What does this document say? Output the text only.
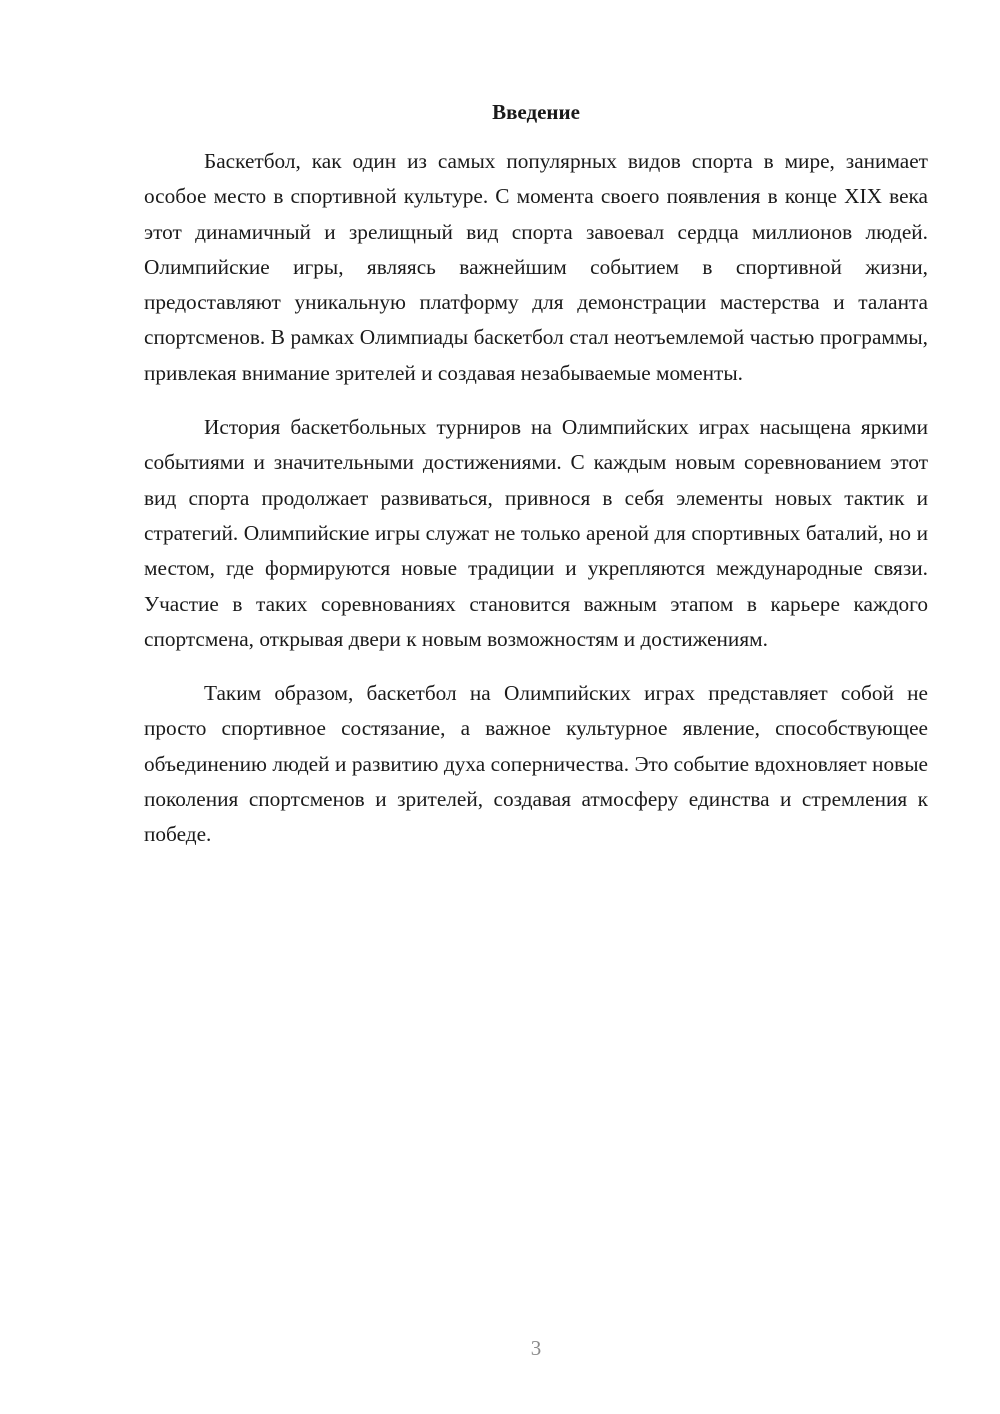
Введение

Баскетбол, как один из самых популярных видов спорта в мире, занимает особое место в спортивной культуре. С момента своего появления в конце XIX века этот динамичный и зрелищный вид спорта завоевал сердца миллионов людей. Олимпийские игры, являясь важнейшим событием в спортивной жизни, предоставляют уникальную платформу для демонстрации мастерства и таланта спортсменов. В рамках Олимпиады баскетбол стал неотъемлемой частью программы, привлекая внимание зрителей и создавая незабываемые моменты.

История баскетбольных турниров на Олимпийских играх насыщена яркими событиями и значительными достижениями. С каждым новым соревнованием этот вид спорта продолжает развиваться, привнося в себя элементы новых тактик и стратегий. Олимпийские игры служат не только ареной для спортивных баталий, но и местом, где формируются новые традиции и укрепляются международные связи. Участие в таких соревнованиях становится важным этапом в карьере каждого спортсмена, открывая двери к новым возможностям и достижениям.

Таким образом, баскетбол на Олимпийских играх представляет собой не просто спортивное состязание, а важное культурное явление, способствующее объединению людей и развитию духа соперничества. Это событие вдохновляет новые поколения спортсменов и зрителей, создавая атмосферу единства и стремления к победе.

3
